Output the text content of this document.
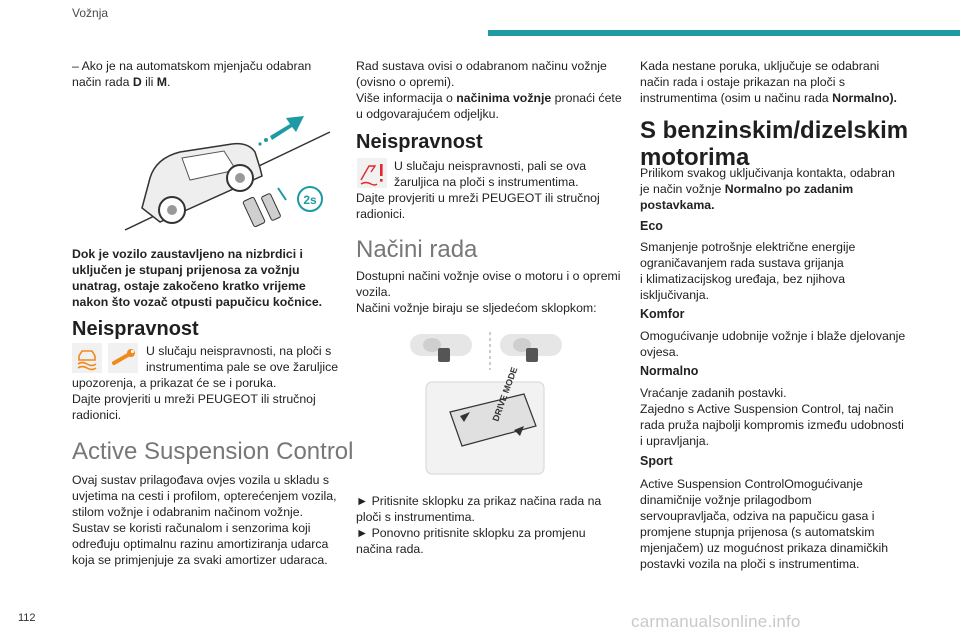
Vožnja

– Ako je na automatskom mjenjaču odabran

način rada D ili M.

2s

Dok je vozilo zaustavljeno na nizbrdici i

uključen je stupanj prijenosa za vožnju

unatrag, ostaje zakočeno kratko vrijeme

nakon što vozač otpusti papučicu kočnice.

Neispravnost

U slučaju neispravnosti, na ploči s

instrumentima pale se ove žaruljice

upozorenja, a prikazat će se i poruka.

Dajte provjeriti u mreži PEUGEOT ili stručnoj

radionici.

Active Suspension Control

Ovaj sustav prilagođava ovjes vozila u skladu s

uvjetima na cesti i profilom, opterećenjem vozila,

stilom vožnje i odabranim načinom vožnje.

Sustav se koristi računalom i senzorima koji

određuju optimalnu razinu amortiziranja udarca

koja se primjenjuje za svaki amortizer udaraca.

Rad sustava ovisi o odabranom načinu vožnje

(ovisno o opremi).

Više informacija o načinima vožnje pronaći ćete

u odgovarajućem odjeljku.

Neispravnost

U slučaju neispravnosti, pali se ova

žaruljica na ploči s instrumentima.

Dajte provjeriti u mreži PEUGEOT ili stručnoj

radionici.

Načini rada

Dostupni načini vožnje ovise o motoru i o opremi

vozila.

Načini vožnje biraju se sljedećom sklopkom:

DRIVE MODE

► Pritisnite sklopku za prikaz načina rada na

ploči s instrumentima.

► Ponovno pritisnite sklopku za promjenu

načina rada.

Kada nestane poruka, uključuje se odabrani

način rada i ostaje prikazan na ploči s

instrumentima (osim u načinu rada Normalno).

S benzinskim/dizelskim
motorima

Prilikom svakog uključivanja kontakta, odabran

je način vožnje Normalno po zadanim

postavkama.

Eco

Smanjenje potrošnje električne energije

ograničavanjem rada sustava grijanja

i klimatizacijskog uređaja, bez njihova

isključivanja.

Komfor

Omogućivanje udobnije vožnje i blaže djelovanje

ovjesa.

Normalno

Vraćanje zadanih postavki.

Zajedno s Active Suspension Control, taj način

rada pruža najbolji kompromis između udobnosti

i upravljanja.

Sport

Active Suspension ControlOmogućivanje

dinamičnije vožnje prilagodbom

servoupravljača, odziva na papučicu gasa i

promjene stupnja prijenosa (s automatskim

mjenjačem) uz mogućnost prikaza dinamičkih

postavki vozila na ploči s instrumentima.

112	carmanualsonline.info
